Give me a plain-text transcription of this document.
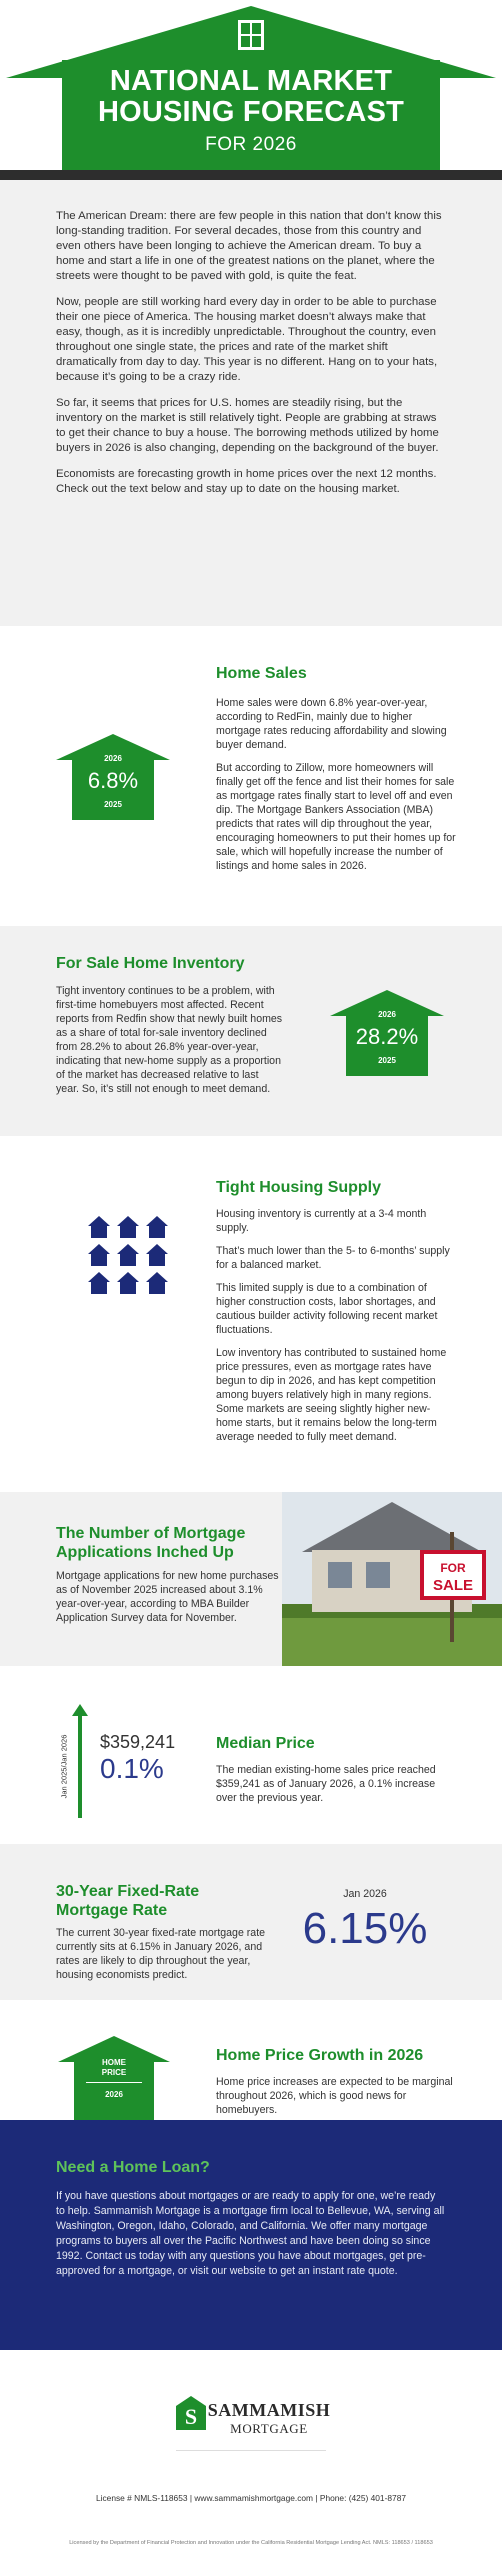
NATIONAL MARKET
HOUSING FORECAST
FOR 2026

The American Dream: there are few people in this nation that don’t know this long-standing tradition. For several decades, those from this country and even others have been longing to achieve the American dream. To buy a home and start a life in one of the greatest nations on the planet, where the streets were thought to be paved with gold, is quite the feat.

Now, people are still working hard every day in order to be able to purchase their one piece of America. The housing market doesn’t always make that easy, though, as it is incredibly unpredictable. Throughout the country, even throughout one single state, the prices and rate of the market shift dramatically from day to day. This year is no different. Hang on to your hats, because it’s going to be a crazy ride.

So far, it seems that prices for U.S. homes are steadily rising, but the inventory on the market is still relatively tight. People are grabbing at straws to get their chance to buy a house. The borrowing methods utilized by home buyers in 2026 is also changing, depending on the background of the buyer.

Economists are forecasting growth in home prices over the next 12 months. Check out the text below and stay up to date on the housing market.

2026
6.8%
2025
Home Sales

Home sales were down 6.8% year-over-year, according to RedFin, mainly due to higher mortgage rates reducing affordability and slowing buyer demand.

But according to Zillow, more homeowners will finally get off the fence and list their homes for sale as mortgage rates finally start to level off and even dip. The Mortgage Bankers Association (MBA) predicts that rates will dip throughout the year, encouraging homeowners to put their homes up for sale, which will hopefully increase the number of listings and home sales in 2026.

For Sale Home Inventory

Tight inventory continues to be a problem, with first-time homebuyers most affected. Recent reports from Redfin show that newly built homes as a share of total for-sale inventory declined from 28.2% to about 26.8% year-over-year, indicating that new-home supply as a proportion of the market has decreased relative to last year. So, it’s still not enough to meet demand.

2026
28.2%
2025
Tight Housing Supply

Housing inventory is currently at a 3-4 month supply.

That’s much lower than the 5- to 6-months’ supply for a balanced market.

This limited supply is due to a combination of higher construction costs, labor shortages, and cautious builder activity following recent market fluctuations.

Low inventory has contributed to sustained home price pressures, even as mortgage rates have begun to dip in 2026, and has kept competition among buyers relatively high in many regions. Some markets are seeing slightly higher new-home starts, but it remains below the long-term average needed to fully meet demand.

The Number of Mortgage
Applications Inched Up

Mortgage applications for new home purchases as of November 2025 increased about 3.1% year-over-year, according to MBA Builder Application Survey data for November.

FOR
SALE
Jan 2025/Jan 2026 $359,241
0.1%
Median Price

The median existing-home sales price reached $359,241 as of January 2026, a 0.1% increase over the previous year.

30-Year Fixed-Rate
Mortgage Rate

The current 30-year fixed-rate mortgage rate currently sits at 6.15% in January 2026, and rates are likely to dip throughout the year, housing economists predict.

Jan 2026
6.15%
HOME
PRICE
2026
Home Price Growth in 2026

Home price increases are expected to be marginal throughout 2026, which is good news for homebuyers.

Need a Home Loan?

If you have questions about mortgages or are ready to apply for one, we’re ready to help. Sammamish Mortgage is a mortgage firm local to Bellevue, WA, serving all Washington, Oregon, Idaho, Colorado, and California. We offer many mortgage programs to buyers all over the Pacific Northwest and have been doing so since 1992. Contact us today with any questions you have about mortgages, get pre-approved for a mortgage, or visit our website to get an instant rate quote.

S SAMMAMISH
MORTGAGE
License # NMLS-118653 | www.sammamishmortgage.com | Phone: (425) 401-8787
Licensed by the Department of Financial Protection and Innovation under the California Residential Mortgage Lending Act. NMLS: 118653 / 118653
